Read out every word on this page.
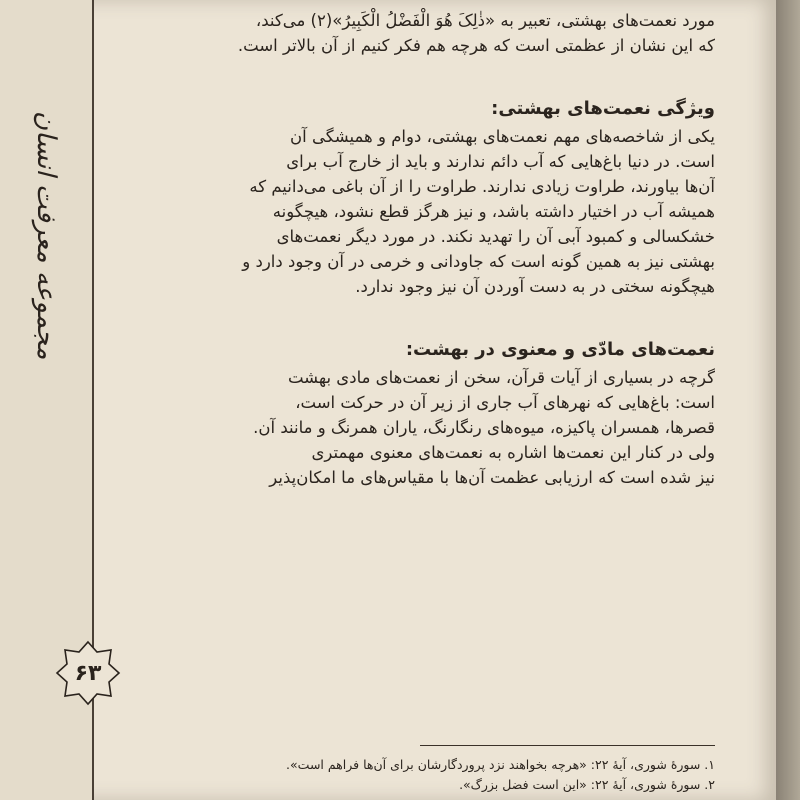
مجموعه معرفت انسان
۶۳
مورد نعمت‌های بهشتی، تعبیر به «ذٰلِکَ هُوَ الْفَضْلُ الْکَبِیرُ»(۲) می‌کند،
که این نشان از عظمتی است که هرچه هم فکر کنیم از آن بالاتر است.
ویژگی نعمت‌های بهشتی:
یکی از شاخصه‌های مهم نعمت‌های بهشتی، دوام و همیشگی آن
است. در دنیا باغ‌هایی که آب دائم ندارند و باید از خارج آب برای
آن‌ها بیاورند، طراوت زیادی ندارند. طراوت را از آن باغی می‌دانیم که
همیشه آب در اختیار داشته باشد، و نیز هرگز قطع نشود، هیچگونه
خشکسالی و کمبود آبی آن را تهدید نکند. در مورد دیگر نعمت‌های
بهشتی نیز به همین گونه است که جاودانی و خرمی در آن وجود دارد و
هیچگونه سختی در به دست آوردن آن نیز وجود ندارد.
نعمت‌های مادّی و معنوی در بهشت:
گرچه در بسیاری از آیات قرآن، سخن از نعمت‌های مادی بهشت
است: باغ‌هایی که نهرهای آب جاری از زیر آن در حرکت است،
قصرها، همسران پاکیزه، میوه‌های رنگارنگ، یاران همرنگ و مانند آن.
ولی در کنار این نعمت‌ها اشاره به نعمت‌های معنوی مهمتری
نیز شده است که ارزیابی عظمت آن‌ها با مقیاس‌های ما امکان‌پذیر
۱. سورهٔ شوری، آیهٔ ۲۲: «هرچه بخواهند نزد پروردگارشان برای آن‌ها فراهم است».
۲. سورهٔ شوری، آیهٔ ۲۲: «این است فضل بزرگ».
